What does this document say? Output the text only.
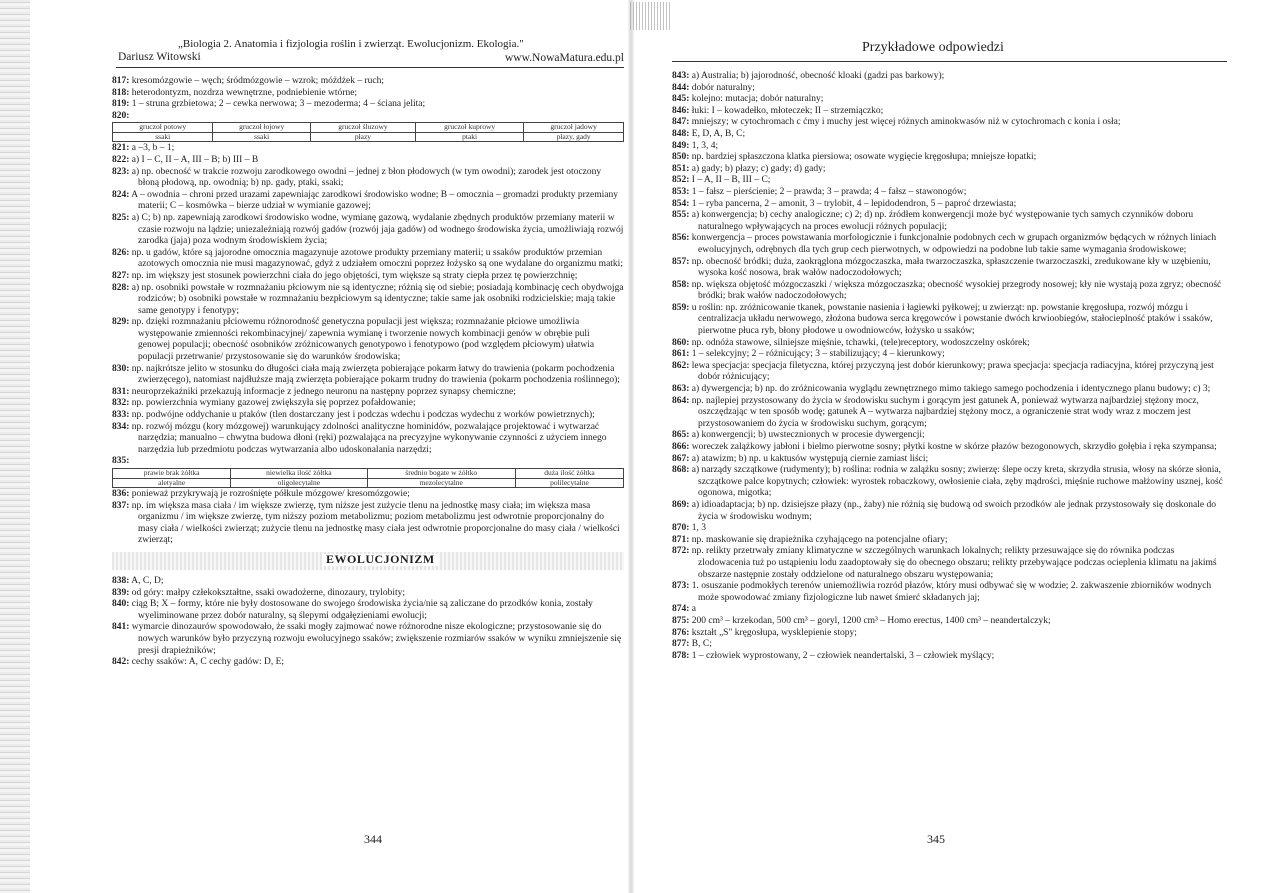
„Biologia 2. Anatomia i fizjologia roślin i zwierząt. Ewolucjonizm. Ekologia."
Dariusz Witowski	www.NowaMatura.edu.pl

817: kresomózgowie – węch; śródmózgowie – wzrok; móżdżek – ruch;

818: heterodontyzm, nozdrza wewnętrzne, podniebienie wtórne;

819: 1 – struna grzbietowa; 2 – cewka nerwowa; 3 – mezoderma; 4 – ściana jelita;

820:

gruczoł potowy	gruczoł łojowy	gruczoł śluzowy	gruczoł kuprowy	gruczoł jadowy
ssaki	ssaki	płazy	ptaki	płazy, gady

821: a –3, b – 1;

822: a) I – C, II – A, III – B; b) III – B

823: a) np. obecność w trakcie rozwoju zarodkowego owodni – jednej z błon płodowych (w tym owodni); zarodek jest otoczony błoną płodową, np. owodnią; b) np. gady, ptaki, ssaki;

824: A – owodnia – chroni przed urazami zapewniając zarodkowi środowisko wodne; B – omocznia – gromadzi produkty przemiany materii; C – kosmówka – bierze udział w wymianie gazowej;

825: a) C; b) np. zapewniają zarodkowi środowisko wodne, wymianę gazową, wydalanie zbędnych produktów przemiany materii w czasie rozwoju na lądzie; uniezależniają rozwój gadów (rozwój jaja gadów) od wodnego środowiska życia, umożliwiają rozwój zarodka (jaja) poza wodnym środowiskiem życia;

826: np. u gadów, które są jajorodne omocznia magazynuje azotowe produkty przemiany materii; u ssaków produktów przemian azotowych omocznia nie musi magazynować, gdyż z udziałem omoczni poprzez łożysko są one wydalane do organizmu matki;

827: np. im większy jest stosunek powierzchni ciała do jego objętości, tym większe są straty ciepła przez tę powierzchnię;

828: a) np. osobniki powstałe w rozmnażaniu płciowym nie są identyczne; różnią się od siebie; posiadają kombinację cech obydwojga rodziców; b) osobniki powstałe w rozmnażaniu bezpłciowym są identyczne; takie same jak osobniki rodzicielskie; mają takie same genotypy i fenotypy;

829: np. dzięki rozmnażaniu płciowemu różnorodność genetyczna populacji jest większa; rozmnażanie płciowe umożliwia występowanie zmienności rekombinacyjnej/ zapewnia wymianę i tworzenie nowych kombinacji genów w obrębie puli genowej populacji; obecność osobników zróżnicowanych genotypowo i fenotypowo (pod względem płciowym) ułatwia populacji przetrwanie/ przystosowanie się do warunków środowiska;

830: np. najkrótsze jelito w stosunku do długości ciała mają zwierzęta pobierające pokarm łatwy do trawienia (pokarm pochodzenia zwierzęcego), natomiast najdłuższe mają zwierzęta pobierające pokarm trudny do trawienia (pokarm pochodzenia roślinnego);

831: neuroprzekaźniki przekazują informacje z jednego neuronu na następny poprzez synapsy chemiczne;

832: np. powierzchnia wymiany gazowej zwiększyła się poprzez pofałdowanie;

833: np. podwójne oddychanie u ptaków (tlen dostarczany jest i podczas wdechu i podczas wydechu z worków powietrznych);

834: np. rozwój mózgu (kory mózgowej) warunkujący zdolności analityczne hominidów, pozwalające projektować i wytwarzać narzędzia; manualno – chwytna budowa dłoni (ręki) pozwalająca na precyzyjne wykonywanie czynności z użyciem innego narzędzia lub przedmiotu podczas wytwarzania albo udoskonalania narzędzi;

835:

prawie brak żółtka	niewielka ilość żółtka	średnio bogate w żółtko	duża ilość żółtka
aletyalne	oligolecytalne	mezolecytalne	polilecytalne

836: ponieważ przykrywają je rozrośnięte półkule mózgowe/ kresomózgowie;

837: np. im większa masa ciała / im większe zwierzę, tym niższe jest zużycie tlenu na jednostkę masy ciała; im większa masa organizmu / im większe zwierzę, tym niższy poziom metabolizmu; poziom metabolizmu jest odwrotnie proporcjonalny do masy ciała / wielkości zwierząt; zużycie tlenu na jednostkę masy ciała jest odwrotnie proporcjonalne do masy ciała / wielkości zwierząt;

EWOLUCJONIZM

838: A, C, D;

839: od góry: małpy człekokształtne, ssaki owadożerne, dinozaury, trylobity;

840: ciąg B; X – formy, które nie były dostosowane do swojego środowiska życia/nie są zaliczane do przodków konia, zostały wyeliminowane przez dobór naturalny, są ślepymi odgałęzieniami ewolucji;

841: wymarcie dinozaurów spowodowało, że ssaki mogły zajmować nowe różnorodne nisze ekologiczne; przystosowanie się do nowych warunków było przyczyną rozwoju ewolucyjnego ssaków; zwiększenie rozmiarów ssaków w wyniku zmniejszenie się presji drapieżników;

842: cechy ssaków: A, C cechy gadów: D, E;

344
Przykładowe odpowiedzi

843: a) Australia; b) jajorodność, obecność kloaki (gadzi pas barkowy);

844: dobór naturalny;

845: kolejno: mutacja; dobór naturalny;

846: łuki: I – kowadełko, młoteczek; II – strzemiączko;

847: mniejszy; w cytochromach c ćmy i muchy jest więcej różnych aminokwasów niż w cytochromach c konia i osła;

848: E, D, A, B, C;

849: 1, 3, 4;

850: np. bardziej spłaszczona klatka piersiowa; osowate wygięcie kręgosłupa; mniejsze łopatki;

851: a) gady; b) płazy; c) gady; d) gady;

852: I – A, II – B, III – C;

853: 1 – fałsz – pierścienie; 2 – prawda; 3 – prawda; 4 – fałsz – stawonogów;

854: 1 – ryba pancerna, 2 – amonit, 3 – trylobit, 4 – lepidodendron, 5 – paproć drzewiasta;

855: a) konwergencja; b) cechy analogiczne; c) 2; d) np. źródłem konwergencji może być występowanie tych samych czynników doboru naturalnego wpływających na proces ewolucji różnych populacji;

856: konwergencja – proces powstawania morfologicznie i funkcjonalnie podobnych cech w grupach organizmów będących w różnych liniach ewolucyjnych, odrębnych dla tych grup cech pierwotnych, w odpowiedzi na podobne lub takie same wymagania środowiskowe;

857: np. obecność bródki; duża, zaokrąglona mózgoczaszka, mała twarzoczaszka, spłaszczenie twarzoczaszki, zredukowane kły w uzębieniu, wysoka kość nosowa, brak wałów nadoczodołowych;

858: np. większa objętość mózgoczaszki / większa mózgoczaszka; obecność wysokiej przegrody nosowej; kły nie wystają poza zgryz; obecność bródki; brak wałów nadoczodołowych;

859: u roślin: np. zróżnicowanie tkanek, powstanie nasienia i łagiewki pyłkowej; u zwierząt: np. powstanie kręgosłupa, rozwój mózgu i centralizacja układu nerwowego, złożona budowa serca kręgowców i powstanie dwóch krwioobiegów, stałocieplność ptaków i ssaków, pierwotne płuca ryb, błony płodowe u owodniowców, łożysko u ssaków;

860: np. odnóża stawowe, silniejsze mięśnie, tchawki, (tele)receptory, wodoszczelny oskórek;

861: 1 – selekcyjny; 2 – różnicujący; 3 – stabilizujący; 4 – kierunkowy;

862: lewa specjacja: specjacja filetyczna, której przyczyną jest dobór kierunkowy; prawa specjacja: specjacja radiacyjna, której przyczyną jest dobór różnicujący;

863: a) dywergencja; b) np. do zróżnicowania wyglądu zewnętrznego mimo takiego samego pochodzenia i identycznego planu budowy; c) 3;

864: np. najlepiej przystosowany do życia w środowisku suchym i gorącym jest gatunek A, ponieważ wytwarza najbardziej stężony mocz, oszczędzając w ten sposób wodę; gatunek A – wytwarza najbardziej stężony mocz, a ograniczenie strat wody wraz z moczem jest przystosowaniem do życia w środowisku suchym, gorącym;

865: a) konwergencji; b) uwstecznionych w procesie dywergencji;

866: woreczek zalążkowy jabłoni i bielmo pierwotne sosny; płytki kostne w skórze płazów bezogonowych, skrzydło gołębia i ręka szympansa;

867: a) atawizm; b) np. u kaktusów występują ciernie zamiast liści;

868: a) narządy szczątkowe (rudymenty); b) roślina: rodnia w zalążku sosny; zwierzę: ślepe oczy kreta, skrzydła strusia, włosy na skórze słonia, szczątkowe palce kopytnych; człowiek: wyrostek robaczkowy, owłosienie ciała, zęby mądrości, mięśnie ruchowe małżowiny usznej, kość ogonowa, migotka;

869: a) idioadaptacja; b) np. dzisiejsze płazy (np., żaby) nie różnią się budową od swoich przodków ale jednak przystosowały się doskonale do życia w środowisku wodnym;

870: 1, 3

871: np. maskowanie się drapieżnika czyhającego na potencjalne ofiary;

872: np. relikty przetrwały zmiany klimatyczne w szczególnych warunkach lokalnych; relikty przesuwające się do równika podczas zlodowacenia tuż po ustąpieniu lodu zaadoptowały się do obecnego obszaru; relikty przebywające podczas ocieplenia klimatu na jakimś obszarze następnie zostały oddzielone od naturalnego obszaru występowania;

873: 1. osuszanie podmokłych terenów uniemożliwia rozród płazów, który musi odbywać się w wodzie; 2. zakwaszenie zbiorników wodnych może spowodować zmiany fizjologiczne lub nawet śmierć składanych jaj;

874: a

875: 200 cm³ – krzekodan, 500 cm³ – goryl, 1200 cm³ – Homo erectus, 1400 cm³ – neandertalczyk;

876: kształt „S" kręgosłupa, wysklepienie stopy;

877: B, C;

878: 1 – człowiek wyprostowany, 2 – człowiek neandertalski, 3 – człowiek myślący;

345
